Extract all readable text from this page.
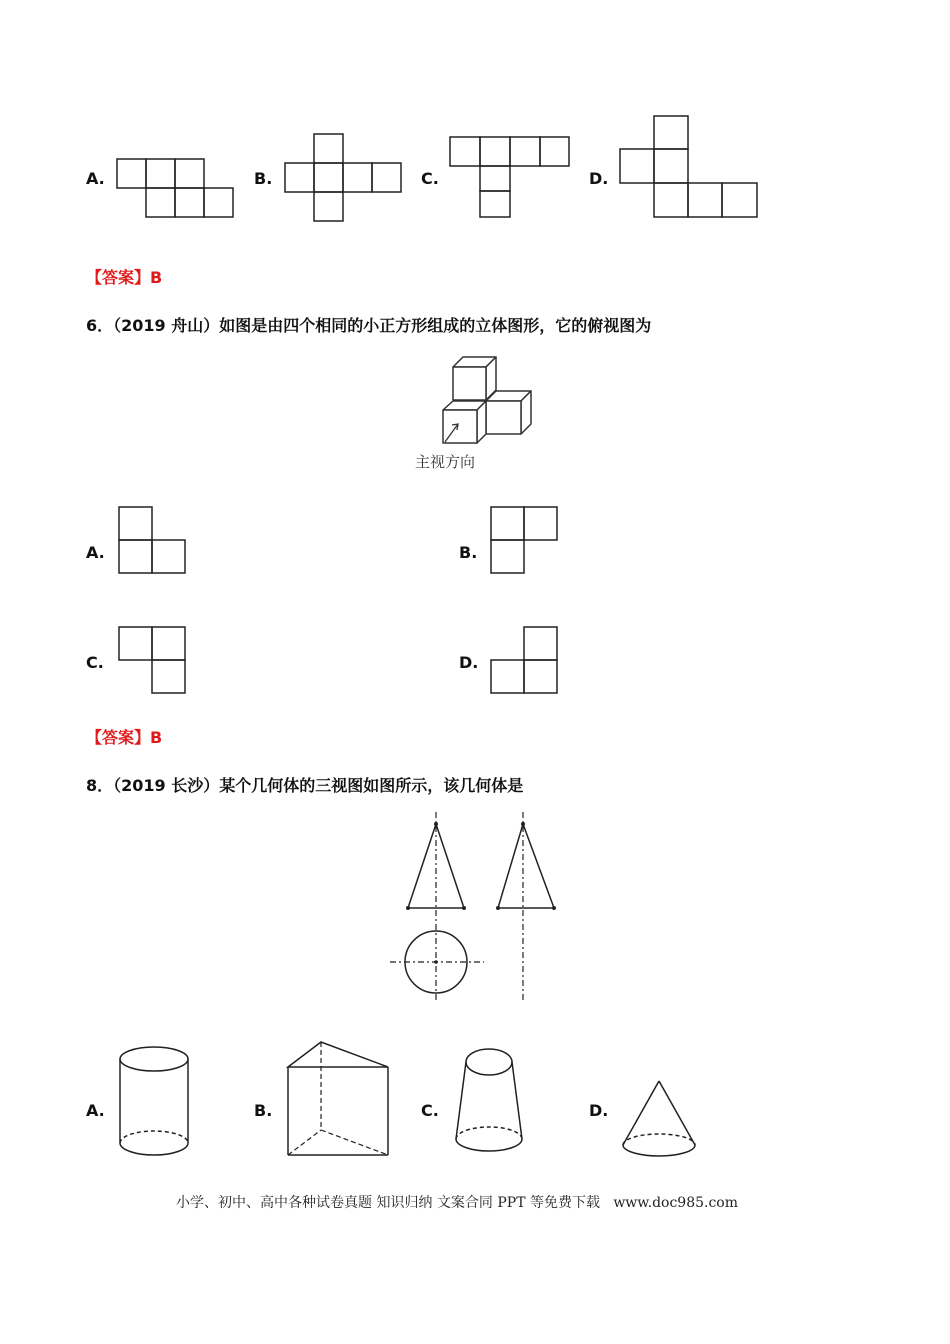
A.	B.	C.	D.
【答案】B
6．（2019 舟山）如图是由四个相同的小正方形组成的立体图形，它的俯视图为
主视方向
A.	B.
C.	D.
【答案】B
8．（2019 长沙）某个几何体的三视图如图所示，该几何体是
A.	B.	C.	D.
小学、初中、高中各种试卷真题 知识归纳 文案合同 PPT 等免费下载   www.doc985.com
